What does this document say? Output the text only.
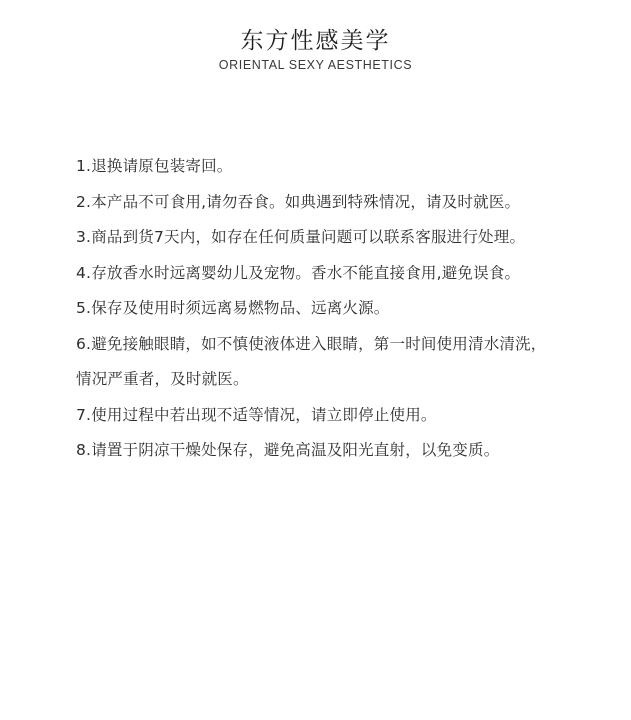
东方性感美学
ORIENTAL SEXY AESTHETICS
1.退换请原包装寄回。
2.本产品不可食用,请勿吞食。如典遇到特殊情况，请及时就医。
3.商品到货7天内，如存在任何质量问题可以联系客服进行处理。
4.存放香水时远离婴幼儿及宠物。香水不能直接食用,避免误食。
5.保存及使用时须远离易燃物品、远离火源。
6.避免接触眼睛，如不慎使液体进入眼睛，第一时间使用清水清洗，情况严重者，及时就医。
7.使用过程中若出现不适等情况，请立即停止使用。
8.请置于阴凉干燥处保存，避免高温及阳光直射，以免变质。
